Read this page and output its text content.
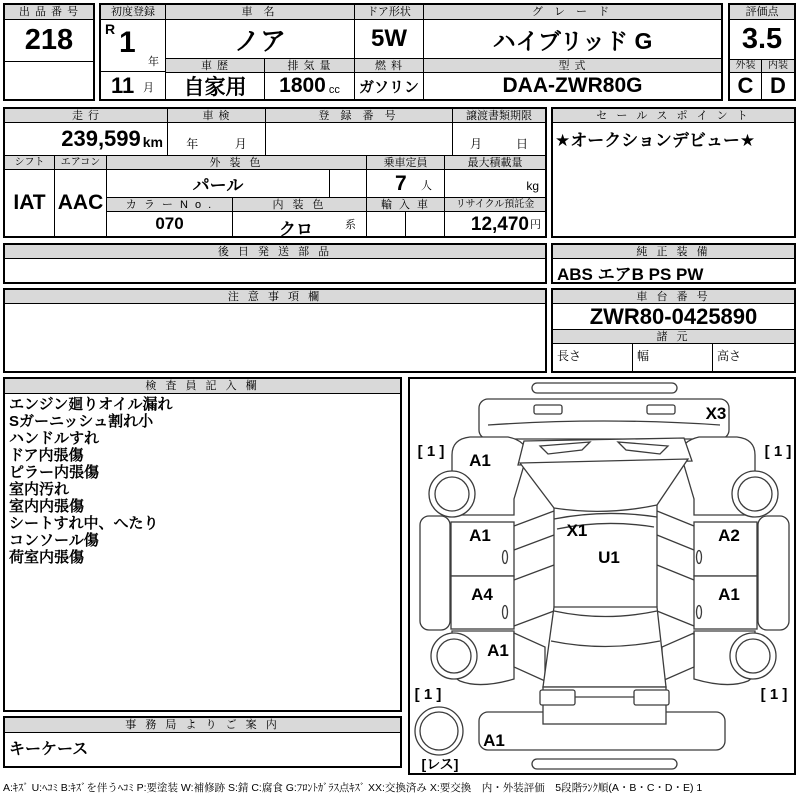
出 品 番 号
218
初度登録
R 1
年
11 月
車 名
ノア
車 歴
自家用
排 気 量
1800 cc
ドア形状
5W
燃 料
ガソリン
グ レ ー ド
ハイブリッド G
型 式
DAA-ZWR80G
評価点
3.5
外装	内装
C D
走 行	車 検	登 録 番 号	譲渡書類期限
239,599 km 年	月	月	日
シフト	エアコン
IAT AAC
外 装 色
パール
カ ラ ー N o .	内 装 色
070	クロ	系
乗車定員
7 人
輸 入 車
最大積載量
kg
リサイクル預託金
12,470 円
セ ー ル ス ポ イ ン ト
★オークションデビュー★
後 日 発 送 部 品	純 正 装 備
ABS エアB PS PW
注 意 事 項 欄	車 台 番 号
ZWR80-0425890
諸 元
長さ	幅	高さ
検 査 員 記 入 欄
エンジン廻りオイル漏れ
Sガーニッシュ割れ小
ハンドルすれ
ドア内張傷
ピラー内張傷
室内汚れ
室内内張傷
シートすれ中、へたり
コンソール傷
荷室内張傷
事 務 局 よ り ご 案 内
キーケース
X3
[ 1 ]	[ 1 ]
A1
X1
U1
A1	A2
A4	A1
A1
[ 1 ]	[ 1 ]
A1
[レス]
A:ｷｽﾞ U:ﾍｺﾐ B:ｷｽﾞを伴うﾍｺﾐ P:要塗装 W:補修跡 S:錆 C:腐食 G:ﾌﾛﾝﾄｶﾞﾗｽ点ｷｽﾞ XX:交換済み X:要交換　内・外装評価　5段階ﾗﾝｸ順(A・B・C・D・E) 1
